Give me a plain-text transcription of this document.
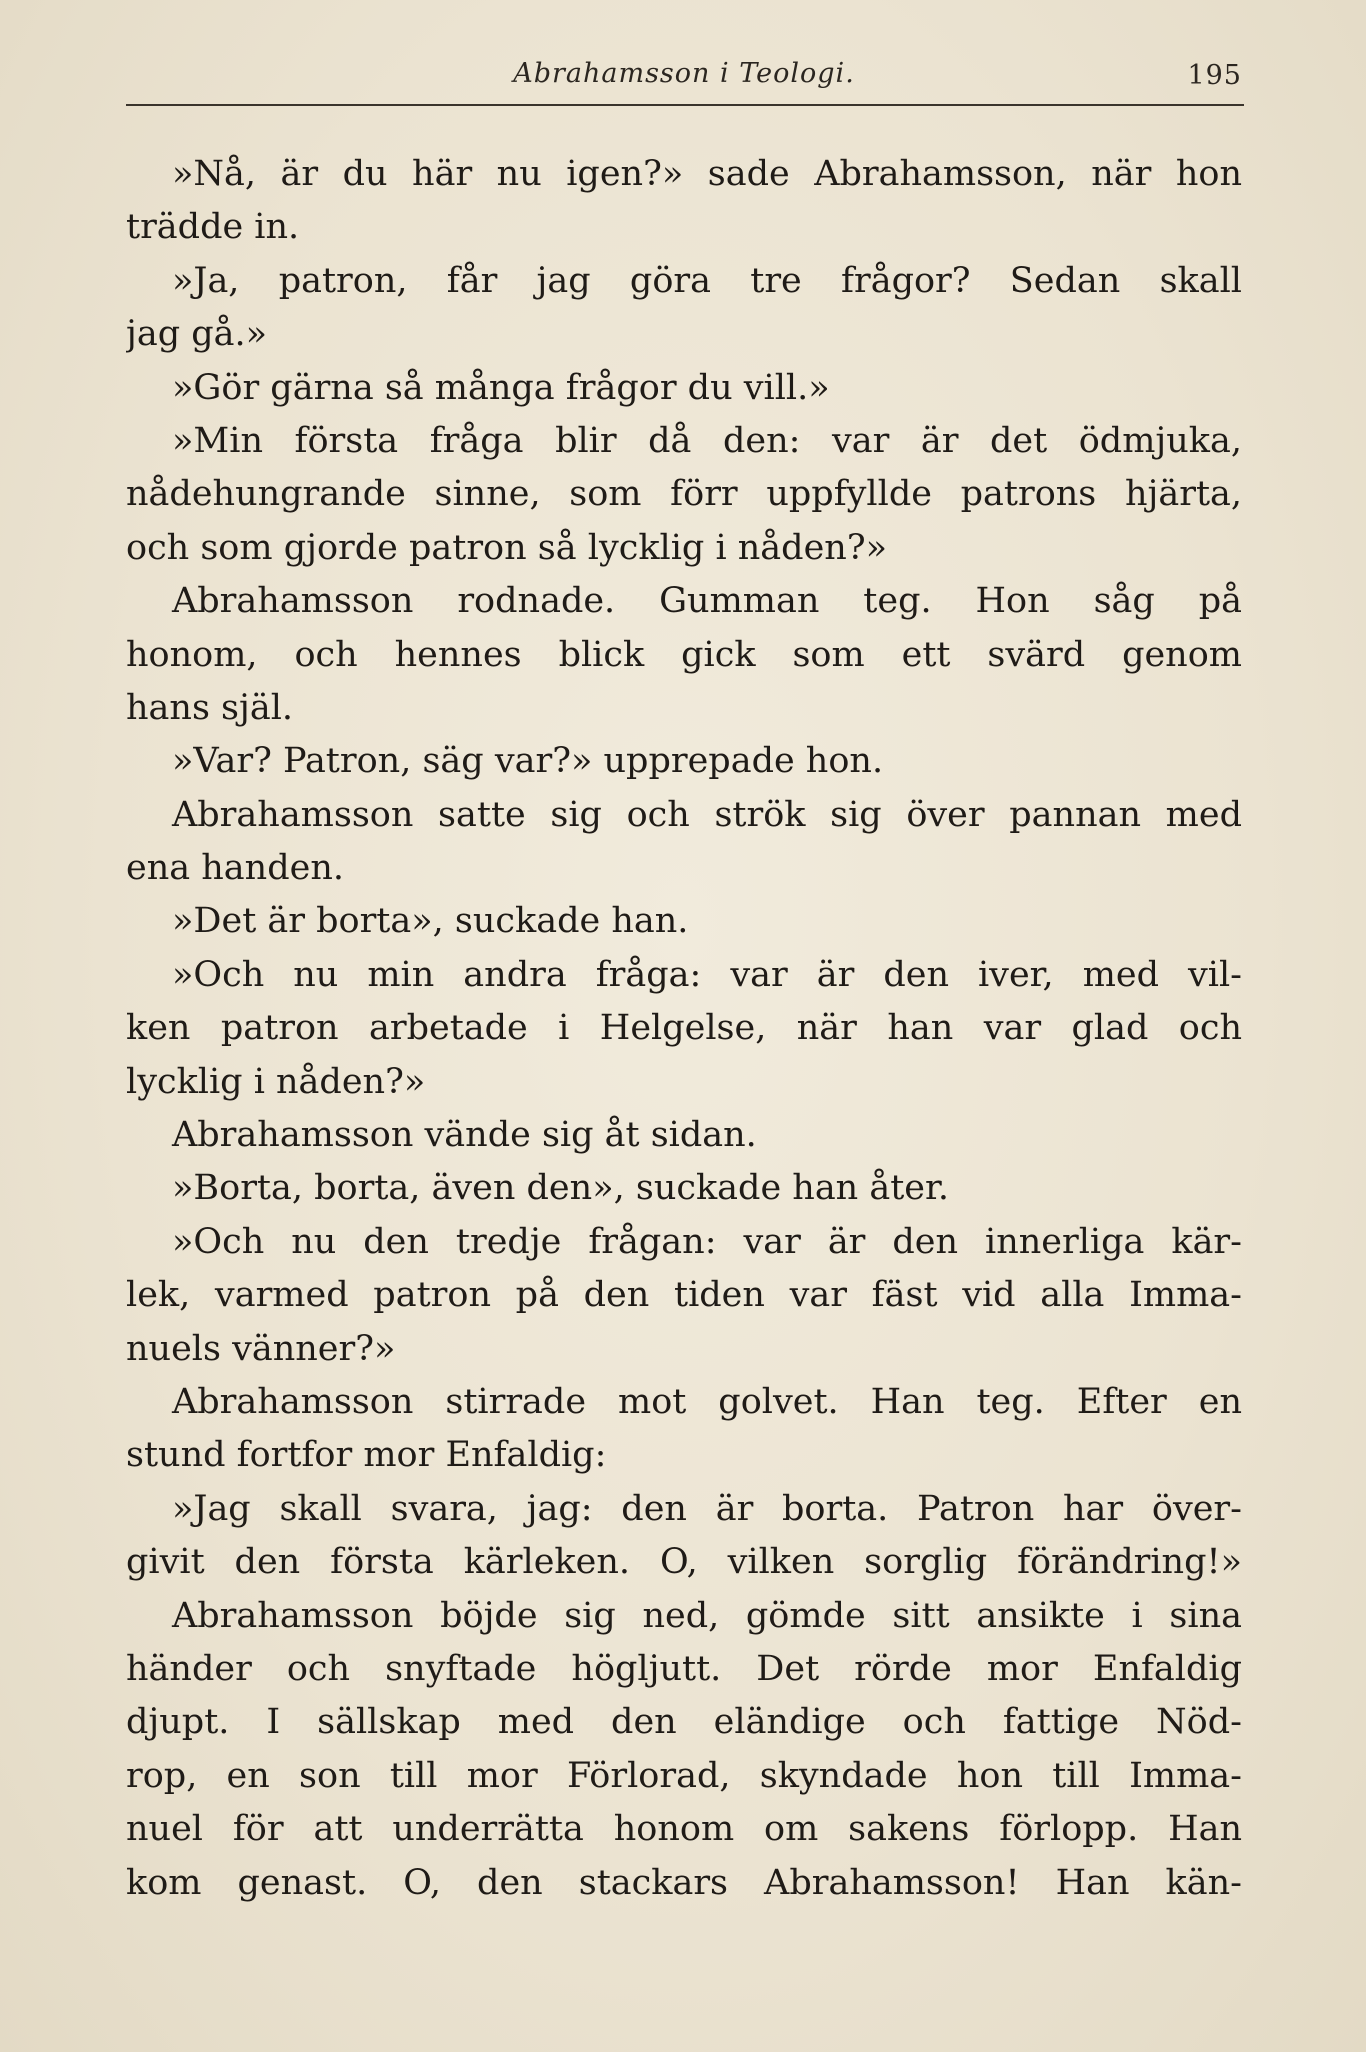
Abrahamsson i Teologi.	195
»Nå, är du här nu igen?» sade Abrahamsson, när hon
trädde in.
»Ja, patron, får jag göra tre frågor? Sedan skall
jag gå.»
»Gör gärna så många frågor du vill.»
»Min första fråga blir då den: var är det ödmjuka,
nådehungrande sinne, som förr uppfyllde patrons hjärta,
och som gjorde patron så lycklig i nåden?»
Abrahamsson rodnade. Gumman teg. Hon såg på
honom, och hennes blick gick som ett svärd genom
hans själ.
»Var? Patron, säg var?» upprepade hon.
Abrahamsson satte sig och strök sig över pannan med
ena handen.
»Det är borta», suckade han.
»Och nu min andra fråga: var är den iver, med vil-
ken patron arbetade i Helgelse, när han var glad och
lycklig i nåden?»
Abrahamsson vände sig åt sidan.
»Borta, borta, även den», suckade han åter.
»Och nu den tredje frågan: var är den innerliga kär-
lek, varmed patron på den tiden var fäst vid alla Imma-
nuels vänner?»
Abrahamsson stirrade mot golvet. Han teg. Efter en
stund fortfor mor Enfaldig:
»Jag skall svara, jag: den är borta. Patron har över-
givit den första kärleken. O, vilken sorglig förändring!»
Abrahamsson böjde sig ned, gömde sitt ansikte i sina
händer och snyftade högljutt. Det rörde mor Enfaldig
djupt. I sällskap med den eländige och fattige Nöd-
rop, en son till mor Förlorad, skyndade hon till Imma-
nuel för att underrätta honom om sakens förlopp. Han
kom genast. O, den stackars Abrahamsson! Han kän-
